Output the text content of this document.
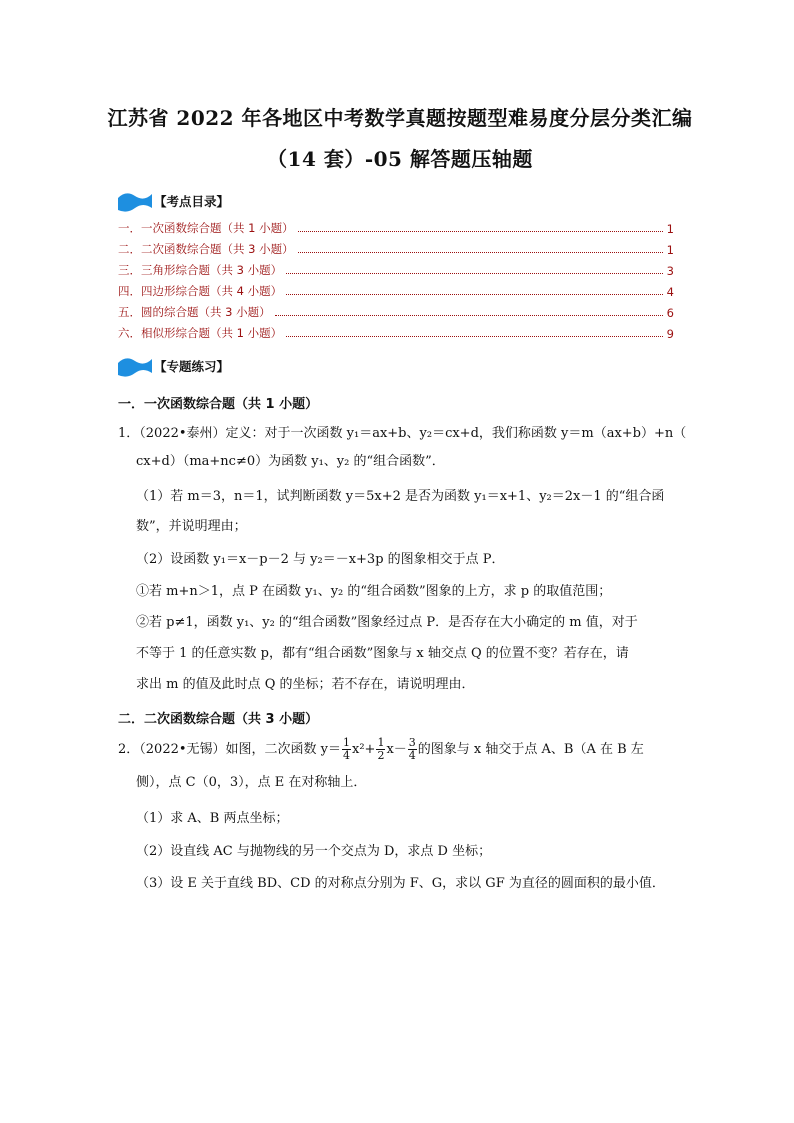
江苏省 2022 年各地区中考数学真题按题型难易度分层分类汇编
（14 套）-05 解答题压轴题
【考点目录】
一．一次函数综合题（共 1 小题）	1
二．二次函数综合题（共 3 小题）	1
三．三角形综合题（共 3 小题）	3
四．四边形综合题（共 4 小题）	4
五．圆的综合题（共 3 小题）	6
六．相似形综合题（共 1 小题）	9
【专题练习】
一．一次函数综合题（共 1 小题）
1．（2022•泰州）定义：对于一次函数 y₁＝ax+b、y₂＝cx+d，我们称函数 y＝m（ax+b）+n（
cx+d）（ma+nc≠0）为函数 y₁、y₂ 的“组合函数”．
（1）若 m＝3，n＝1，试判断函数 y＝5x+2 是否为函数 y₁＝x+1、y₂＝2x－1 的“组合函
数”，并说明理由；
（2）设函数 y₁＝x－p－2 与 y₂＝－x+3p 的图象相交于点 P．
①若 m+n＞1，点 P 在函数 y₁、y₂ 的“组合函数”图象的上方，求 p 的取值范围；
②若 p≠1，函数 y₁、y₂ 的“组合函数”图象经过点 P．是否存在大小确定的 m 值，对于
不等于 1 的任意实数 p，都有“组合函数”图象与 x 轴交点 Q 的位置不变？若存在，请
求出 m 的值及此时点 Q 的坐标；若不存在，请说明理由．
二．二次函数综合题（共 3 小题）
2．（2022•无锡）如图，二次函数 $y= \frac{1}{4} x^2+ \frac{1}{2} x- \frac{3}{4}$ 的图象与 x 轴交于点 A、B（A 在 B 左
侧），点 C（0，3），点 E 在对称轴上．
（1）求 A、B 两点坐标；
（2）设直线 AC 与抛物线的另一个交点为 D，求点 D 坐标；
（3）设 E 关于直线 BD、CD 的对称点分别为 F、G，求以 GF 为直径的圆面积的最小值．
